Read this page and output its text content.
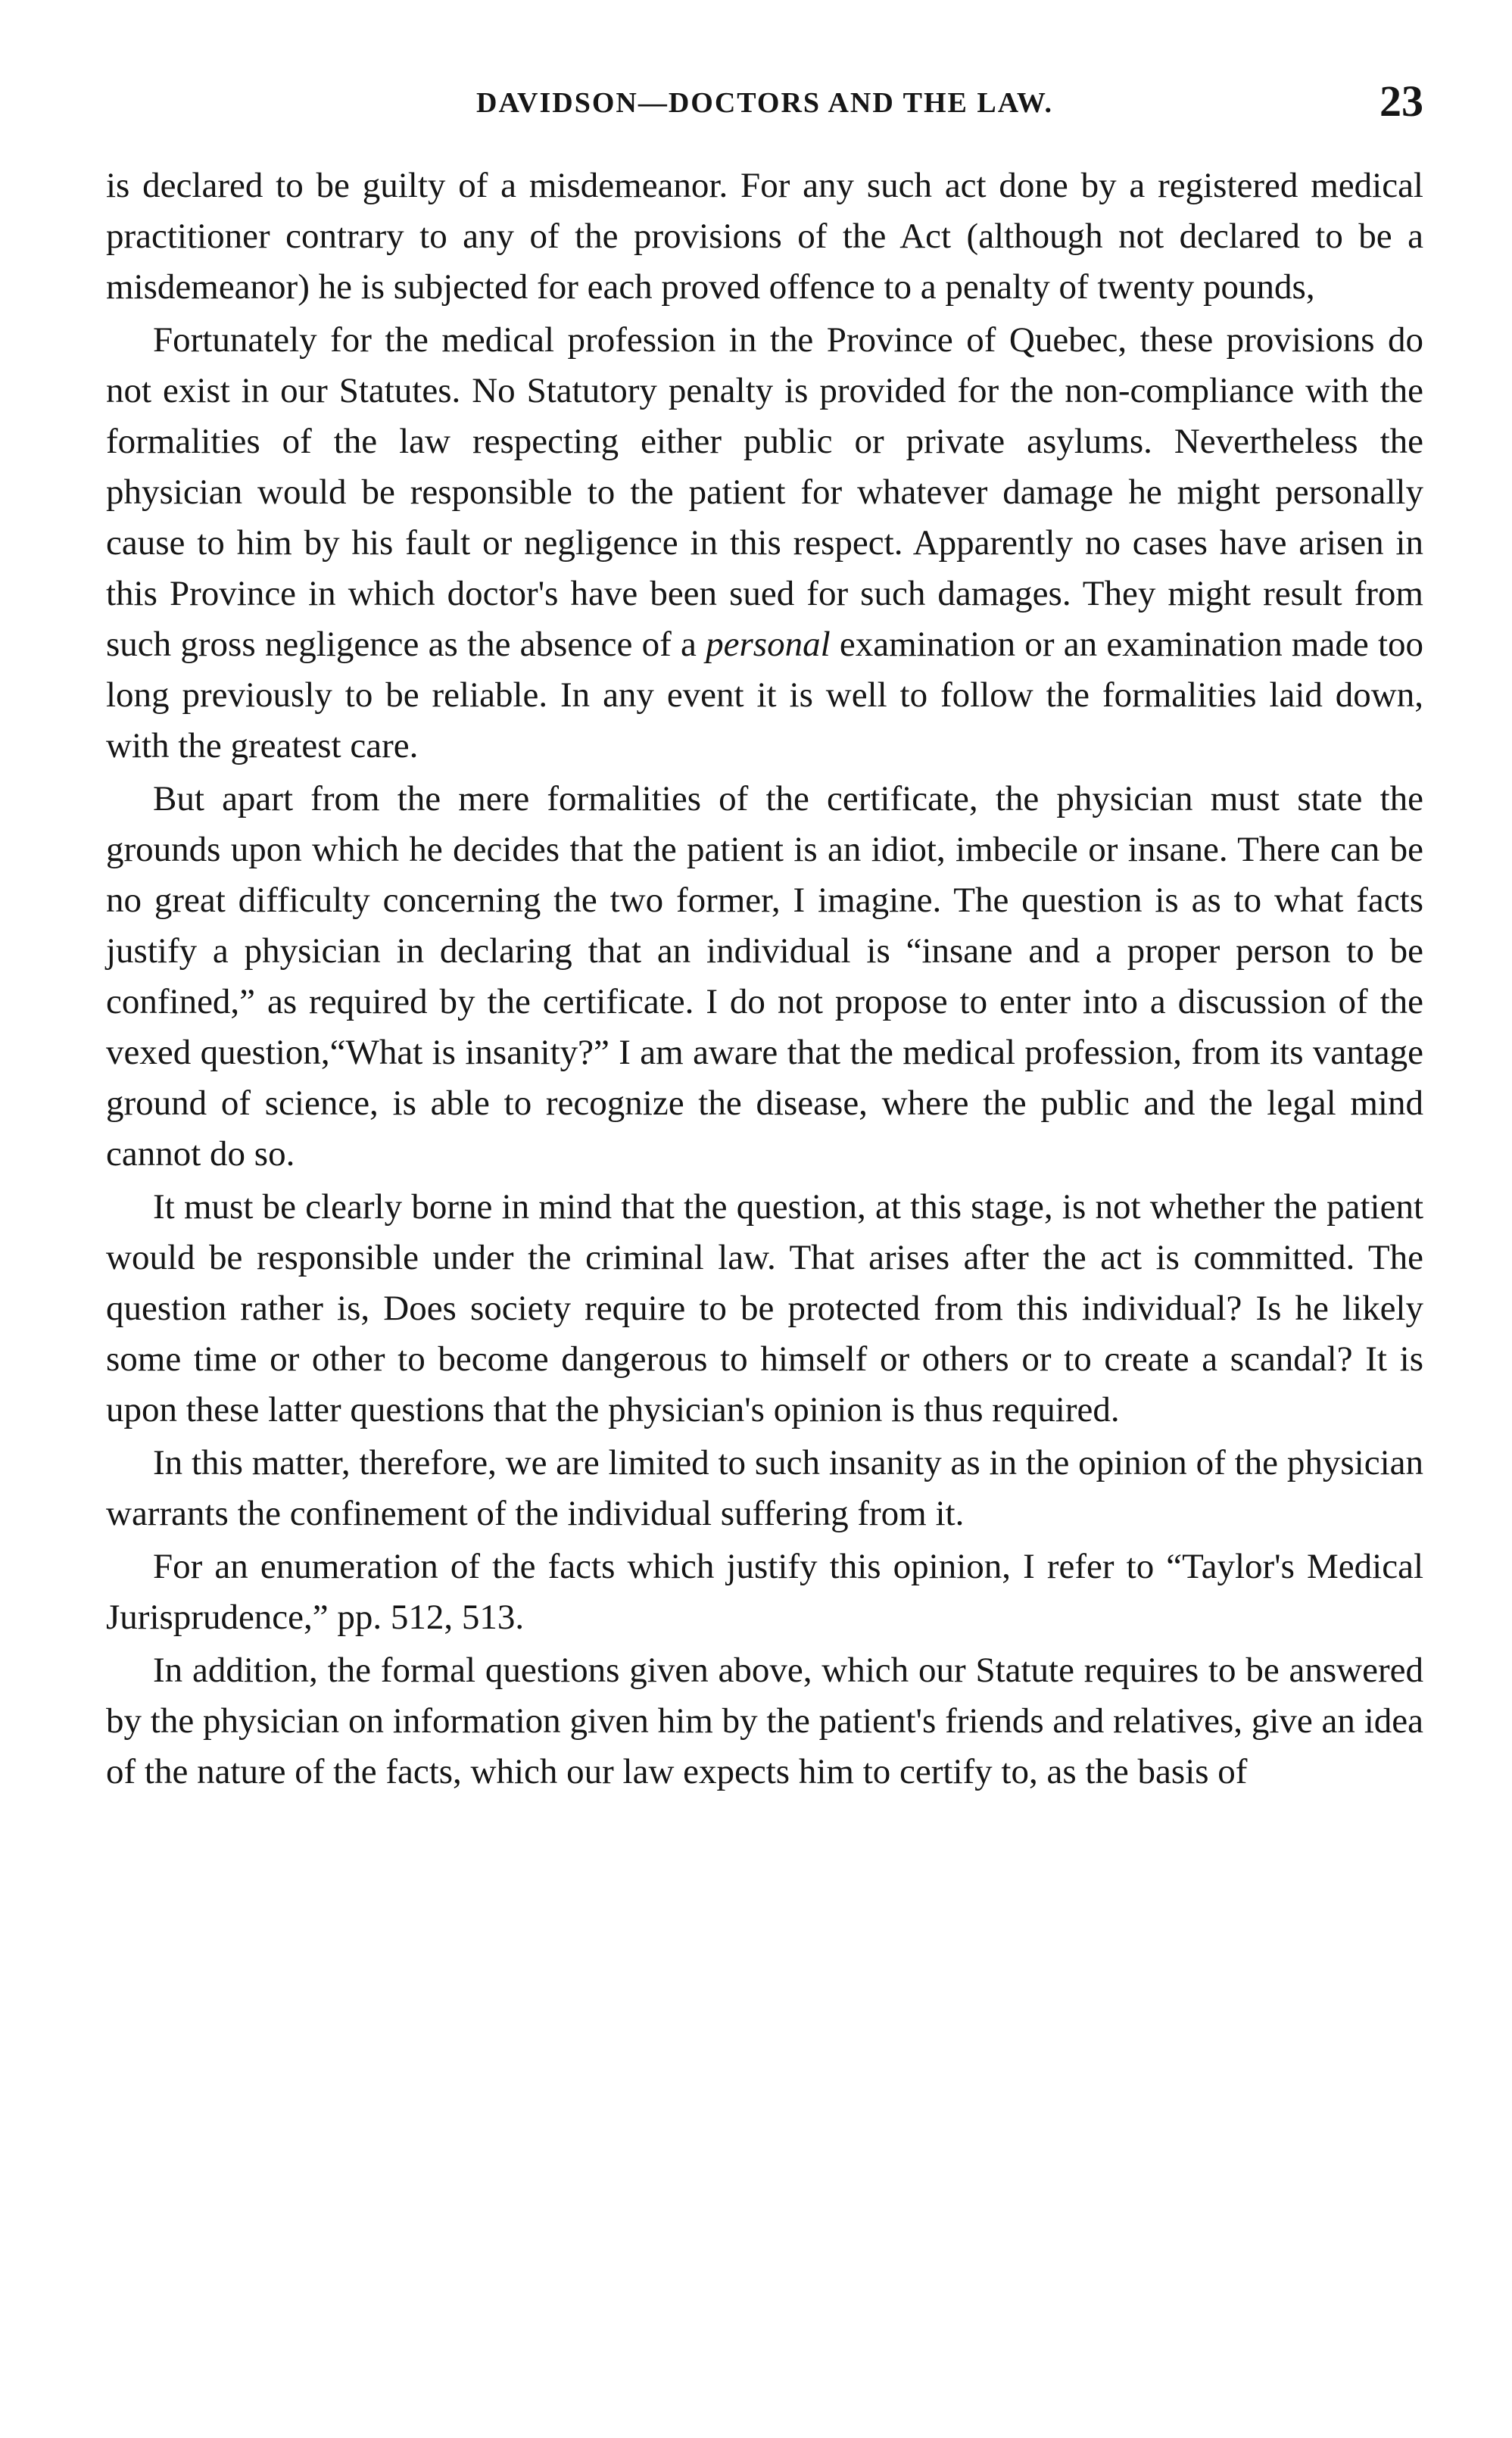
DAVIDSON—DOCTORS AND THE LAW.	23

is declared to be guilty of a misdemeanor. For any such act done by a registered medical practitioner contrary to any of the provisions of the Act (although not declared to be a misdemeanor) he is subjected for each proved offence to a penalty of twenty pounds,

Fortunately for the medical profession in the Province of Quebec, these provisions do not exist in our Statutes. No Statutory penalty is provided for the non-compliance with the formalities of the law respecting either public or private asylums. Nevertheless the physician would be responsible to the patient for whatever damage he might personally cause to him by his fault or negligence in this respect. Apparently no cases have arisen in this Province in which doctor's have been sued for such damages. They might result from such gross negligence as the absence of a personal examination or an examination made too long previously to be reliable. In any event it is well to follow the formalities laid down, with the greatest care.

But apart from the mere formalities of the certificate, the physician must state the grounds upon which he decides that the patient is an idiot, imbecile or insane. There can be no great difficulty concerning the two former, I imagine. The question is as to what facts justify a physician in declaring that an individual is “insane and a proper person to be confined,” as required by the certificate. I do not propose to enter into a discussion of the vexed question,“What is insanity?” I am aware that the medical profession, from its vantage ground of science, is able to recognize the disease, where the public and the legal mind cannot do so.

It must be clearly borne in mind that the question, at this stage, is not whether the patient would be responsible under the criminal law. That arises after the act is committed. The question rather is, Does society require to be protected from this individual? Is he likely some time or other to become dangerous to himself or others or to create a scandal? It is upon these latter questions that the physician's opinion is thus required.

In this matter, therefore, we are limited to such insanity as in the opinion of the physician warrants the confinement of the individual suffering from it.

For an enumeration of the facts which justify this opinion, I refer to “Taylor's Medical Jurisprudence,” pp. 512, 513.

In addition, the formal questions given above, which our Statute requires to be answered by the physician on information given him by the patient's friends and relatives, give an idea of the nature of the facts, which our law expects him to certify to, as the basis of
